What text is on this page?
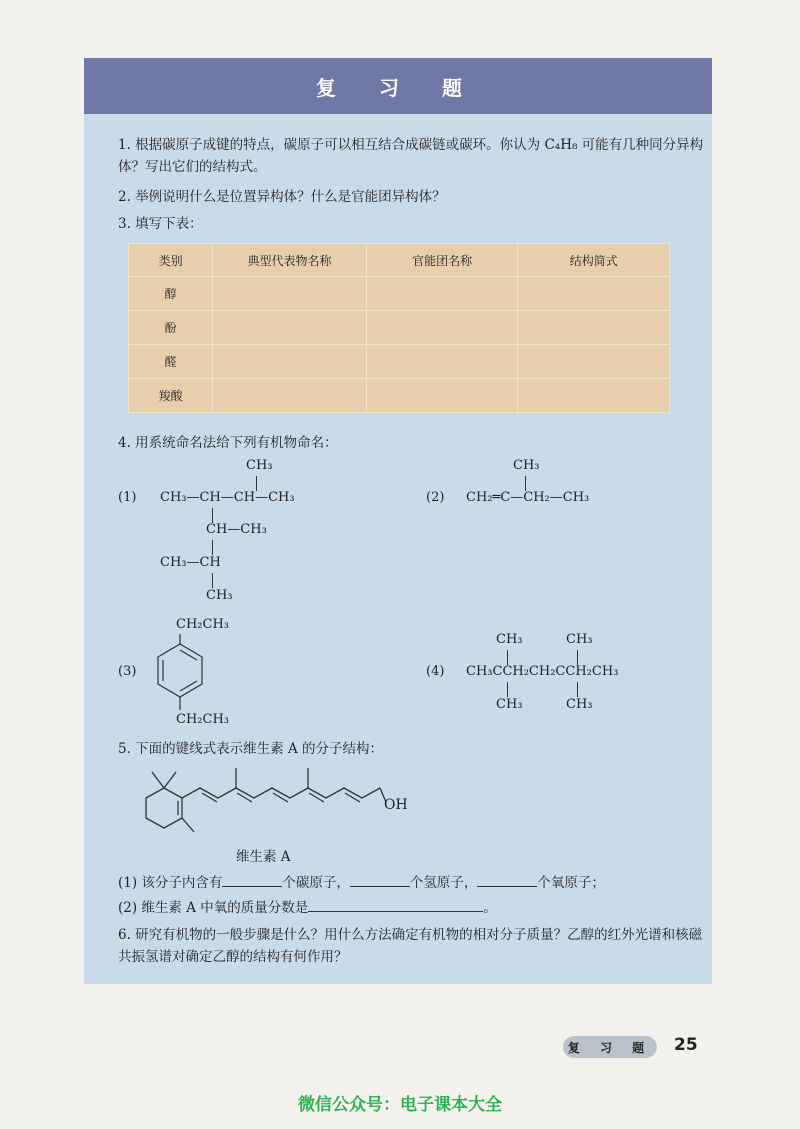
复 习 题
1. 根据碳原子成键的特点，碳原子可以相互结合成碳链或碳环。你认为 C₄H₈ 可能有几种同分异构体？写出它们的结构式。
2. 举例说明什么是位置异构体？什么是官能团异构体？
3. 填写下表：
类别	典型代表物名称	官能团名称	结构简式
醇			
酚			
醛			
羧酸			
4. 用系统命名法给下列有机物命名：
(1)
CH₃
CH₃—CH—CH—CH₃
CH—CH₃
CH₃—CH
CH₃
(2)
CH₃
CH₂═C—CH₂—CH₃
(3)
CH₂CH₃
CH₂CH₃
(4)
CH₃	CH₃
CH₃CCH₂CH₂CCH₂CH₃
CH₃	CH₃
5. 下面的键线式表示维生素 A 的分子结构：
OH
维生素 A
(1) 该分子内含有	个碳原子，	个氢原子，	个氧原子；
(2) 维生素 A 中氧的质量分数是	。
6. 研究有机物的一般步骤是什么？用什么方法确定有机物的相对分子质量？乙醇的红外光谱和核磁共振氢谱对确定乙醇的结构有何作用？
复 习 题 25
微信公众号：电子课本大全
